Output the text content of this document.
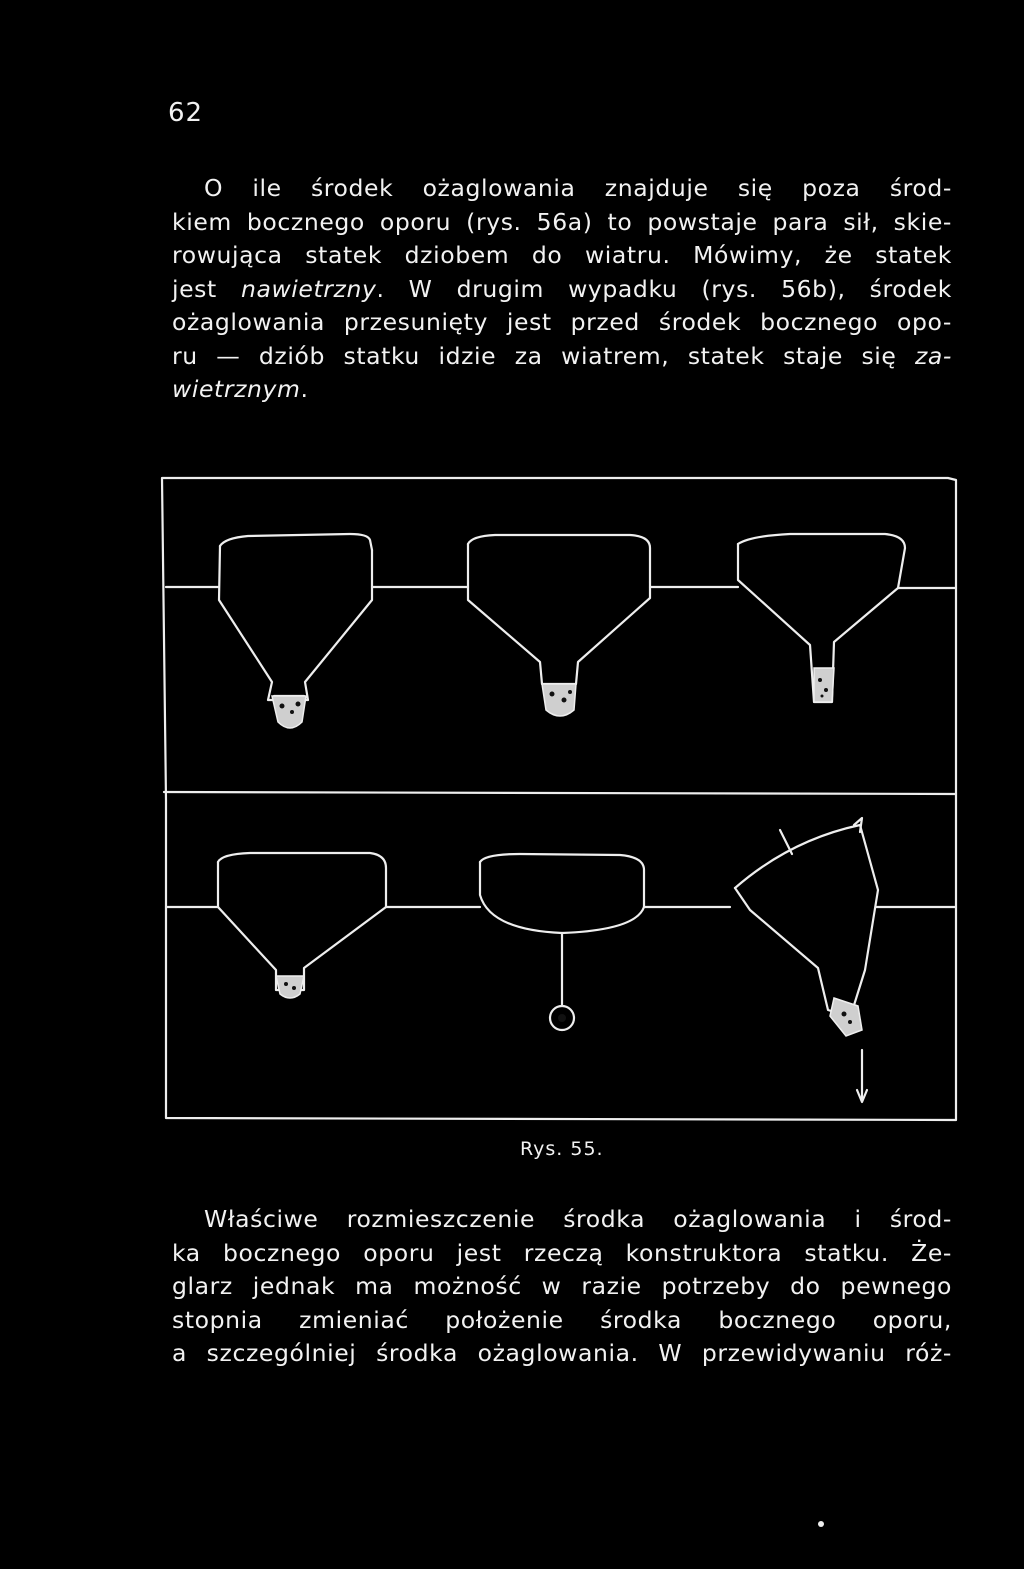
62
O ile środek ożaglowania znajduje się poza środ-
kiem bocznego oporu (rys. 56a) to powstaje para sił, skie-
rowująca statek dziobem do wiatru. Mówimy, że statek
jest nawietrzny. W drugim wypadku (rys. 56b), środek
ożaglowania przesunięty jest przed środek bocznego opo-
ru — dziób statku idzie za wiatrem, statek staje się za-
wietrznym.
Rys. 55.
Właściwe rozmieszczenie środka ożaglowania i środ-
ka bocznego oporu jest rzeczą konstruktora statku. Że-
glarz jednak ma możność w razie potrzeby do pewnego
stopnia zmieniać położenie środka bocznego oporu,
a szczególniej środka ożaglowania. W przewidywaniu róż-
